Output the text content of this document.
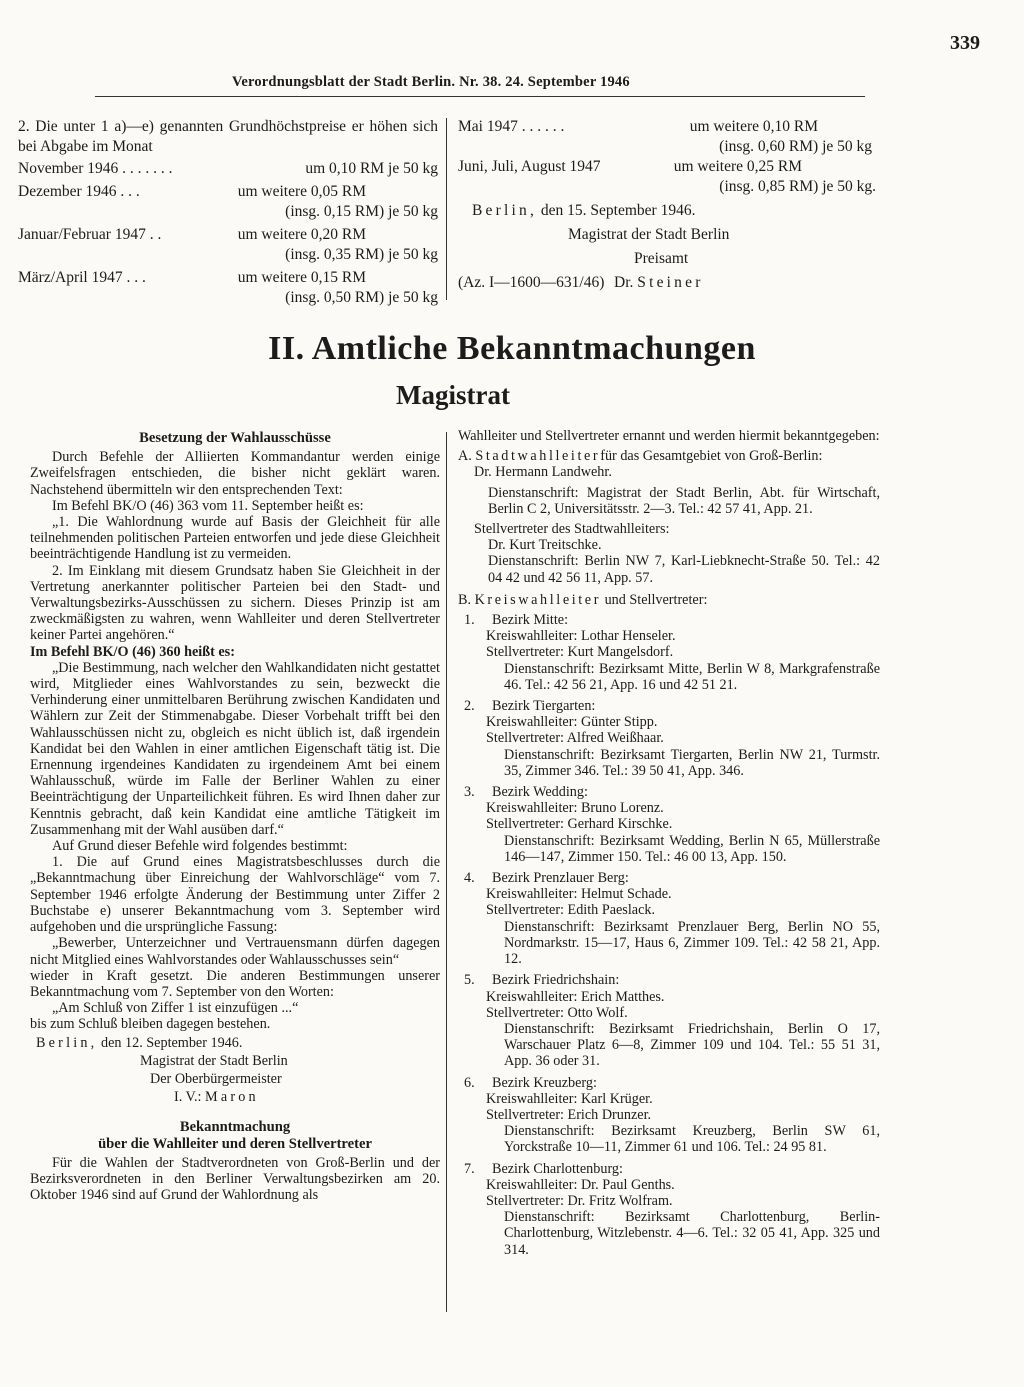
339
Verordnungsblatt der Stadt Berlin. Nr. 38. 24. September 1946
2. Die unter 1 a)—e) genannten Grundhöchstpreise er höhen sich bei Abgabe im Monat
November 1946 . . . . . . .	um 0,10 RM je 50 kg
Dezember 1946 . . .	um weitere 0,05 RM
(insg. 0,15 RM) je 50 kg
Januar/Februar 1947 . .	um weitere 0,20 RM
(insg. 0,35 RM) je 50 kg
März/April 1947 . . .	um weitere 0,15 RM
(insg. 0,50 RM) je 50 kg
Mai 1947 . . . . . .	um weitere 0,10 RM
(insg. 0,60 RM) je 50 kg
Juni, Juli, August 1947	um weitere 0,25 RM
(insg. 0,85 RM) je 50 kg.
Berlin, den 15. September 1946.
Magistrat der Stadt Berlin
Preisamt
Dr. Steiner
(Az. I—1600—631/46)
II. Amtliche Bekanntmachungen
Magistrat

Besetzung der Wahlausschüsse

Durch Befehle der Alliierten Kommandantur werden einige Zweifelsfragen entschieden, die bisher nicht geklärt waren. Nachstehend übermitteln wir den entsprechenden Text:

Im Befehl BK/O (46) 363 vom 11. September heißt es:

„1. Die Wahlordnung wurde auf Basis der Gleichheit für alle teilnehmenden politischen Parteien entworfen und jede diese Gleichheit beeinträchtigende Handlung ist zu vermeiden.

2. Im Einklang mit diesem Grundsatz haben Sie Gleichheit in der Vertretung anerkannter politischer Parteien bei den Stadt- und Verwaltungsbezirks-Ausschüssen zu sichern. Dieses Prinzip ist am zweckmäßigsten zu wahren, wenn Wahlleiter und deren Stellvertreter keiner Partei angehören.“

Im Befehl BK/O (46) 360 heißt es:

„Die Bestimmung, nach welcher den Wahlkandidaten nicht gestattet wird, Mitglieder eines Wahlvorstandes zu sein, bezweckt die Verhinderung einer unmittelbaren Berührung zwischen Kandidaten und Wählern zur Zeit der Stimmenabgabe. Dieser Vorbehalt trifft bei den Wahlausschüssen nicht zu, obgleich es nicht üblich ist, daß irgendein Kandidat bei den Wahlen in einer amtlichen Eigenschaft tätig ist. Die Ernennung irgendeines Kandidaten zu irgendeinem Amt bei einem Wahlausschuß, würde im Falle der Berliner Wahlen zu einer Beeinträchtigung der Unparteilichkeit führen. Es wird Ihnen daher zur Kenntnis gebracht, daß kein Kandidat eine amtliche Tätigkeit im Zusammenhang mit der Wahl ausüben darf.“

Auf Grund dieser Befehle wird folgendes bestimmt:

1. Die auf Grund eines Magistratsbeschlusses durch die „Bekanntmachung über Einreichung der Wahlvorschläge“ vom 7. September 1946 erfolgte Änderung der Bestimmung unter Ziffer 2 Buchstabe e) unserer Bekanntmachung vom 3. September wird aufgehoben und die ursprüngliche Fassung:

„Bewerber, Unterzeichner und Vertrauensmann dürfen dagegen nicht Mitglied eines Wahlvorstandes oder Wahlausschusses sein“

wieder in Kraft gesetzt. Die anderen Bestimmungen unserer Bekanntmachung vom 7. September von den Worten:

„Am Schluß von Ziffer 1 ist einzufügen ...“

bis zum Schluß bleiben dagegen bestehen.

Berlin, den 12. September 1946.

Magistrat der Stadt Berlin

Der Oberbürgermeister

I. V.: Maron

Bekanntmachung

über die Wahlleiter und deren Stellvertreter

Für die Wahlen der Stadtverordneten von Groß-Berlin und der Bezirksverordneten in den Berliner Verwaltungsbezirken am 20. Oktober 1946 sind auf Grund der Wahlordnung als

Wahlleiter und Stellvertreter ernannt und werden hiermit bekanntgegeben:

A. Stadtwahlleiterfür das Gesamtgebiet von Groß-Berlin:

Dr. Hermann Landwehr.

Dienstanschrift: Magistrat der Stadt Berlin, Abt. für Wirtschaft, Berlin C 2, Universitätsstr. 2—3. Tel.: 42 57 41, App. 21.

Stellvertreter des Stadtwahlleiters:

Dr. Kurt Treitschke.

Dienstanschrift: Berlin NW 7, Karl-Liebknecht-Straße 50. Tel.: 42 04 42 und 42 56 11, App. 57.

B. Kreiswahlleiter und Stellvertreter:
1.	Bezirk Mitte:
Kreiswahlleiter: Lothar Henseler.
Stellvertreter: Kurt Mangelsdorf.
Dienstanschrift: Bezirksamt Mitte, Berlin W 8, Markgrafenstraße 46. Tel.: 42 56 21, App. 16 und 42 51 21.
2.	Bezirk Tiergarten:
Kreiswahlleiter: Günter Stipp.
Stellvertreter: Alfred Weißhaar.
Dienstanschrift: Bezirksamt Tiergarten, Berlin NW 21, Turmstr. 35, Zimmer 346. Tel.: 39 50 41, App. 346.
3.	Bezirk Wedding:
Kreiswahlleiter: Bruno Lorenz.
Stellvertreter: Gerhard Kirschke.
Dienstanschrift: Bezirksamt Wedding, Berlin N 65, Müllerstraße 146—147, Zimmer 150. Tel.: 46 00 13, App. 150.
4.	Bezirk Prenzlauer Berg:
Kreiswahlleiter: Helmut Schade.
Stellvertreter: Edith Paeslack.
Dienstanschrift: Bezirksamt Prenzlauer Berg, Berlin NO 55, Nordmarkstr. 15—17, Haus 6, Zimmer 109. Tel.: 42 58 21, App. 12.
5.	Bezirk Friedrichshain:
Kreiswahlleiter: Erich Matthes.
Stellvertreter: Otto Wolf.
Dienstanschrift: Bezirksamt Friedrichshain, Berlin O 17, Warschauer Platz 6—8, Zimmer 109 und 104. Tel.: 55 51 31, App. 36 oder 31.
6.	Bezirk Kreuzberg:
Kreiswahlleiter: Karl Krüger.
Stellvertreter: Erich Drunzer.
Dienstanschrift: Bezirksamt Kreuzberg, Berlin SW 61, Yorckstraße 10—11, Zimmer 61 und 106. Tel.: 24 95 81.
7.	Bezirk Charlottenburg:
Kreiswahlleiter: Dr. Paul Genths.
Stellvertreter: Dr. Fritz Wolfram.
Dienstanschrift: Bezirksamt Charlottenburg, Berlin-Charlottenburg, Witzlebenstr. 4—6. Tel.: 32 05 41, App. 325 und 314.
